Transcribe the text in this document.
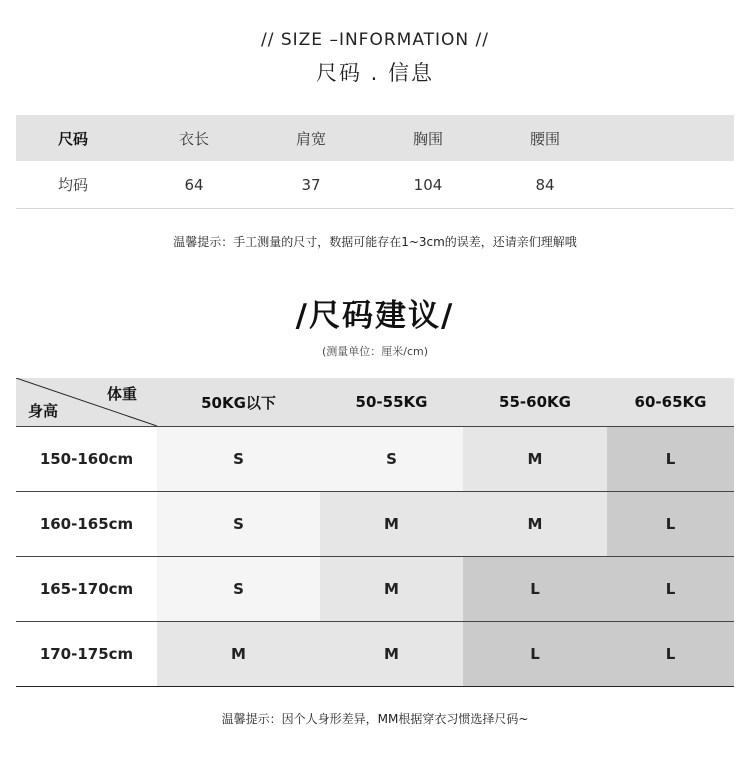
// SIZE –INFORMATION //
尺码 . 信息
尺码	衣长	肩宽	胸围	腰围
均码	64	37	104	84
温馨提示：手工测量的尺寸，数据可能存在1~3cm的误差，还请亲们理解哦
/尺码建议/
(测量单位：厘米/cm)
体重
身高	50KG以下	50-55KG	55-60KG	60-65KG
150-160cm	S	S	M	L
160-165cm	S	M	M	L
165-170cm	S	M	L	L
170-175cm	M	M	L	L
温馨提示：因个人身形差异，MM根据穿衣习惯选择尺码~
